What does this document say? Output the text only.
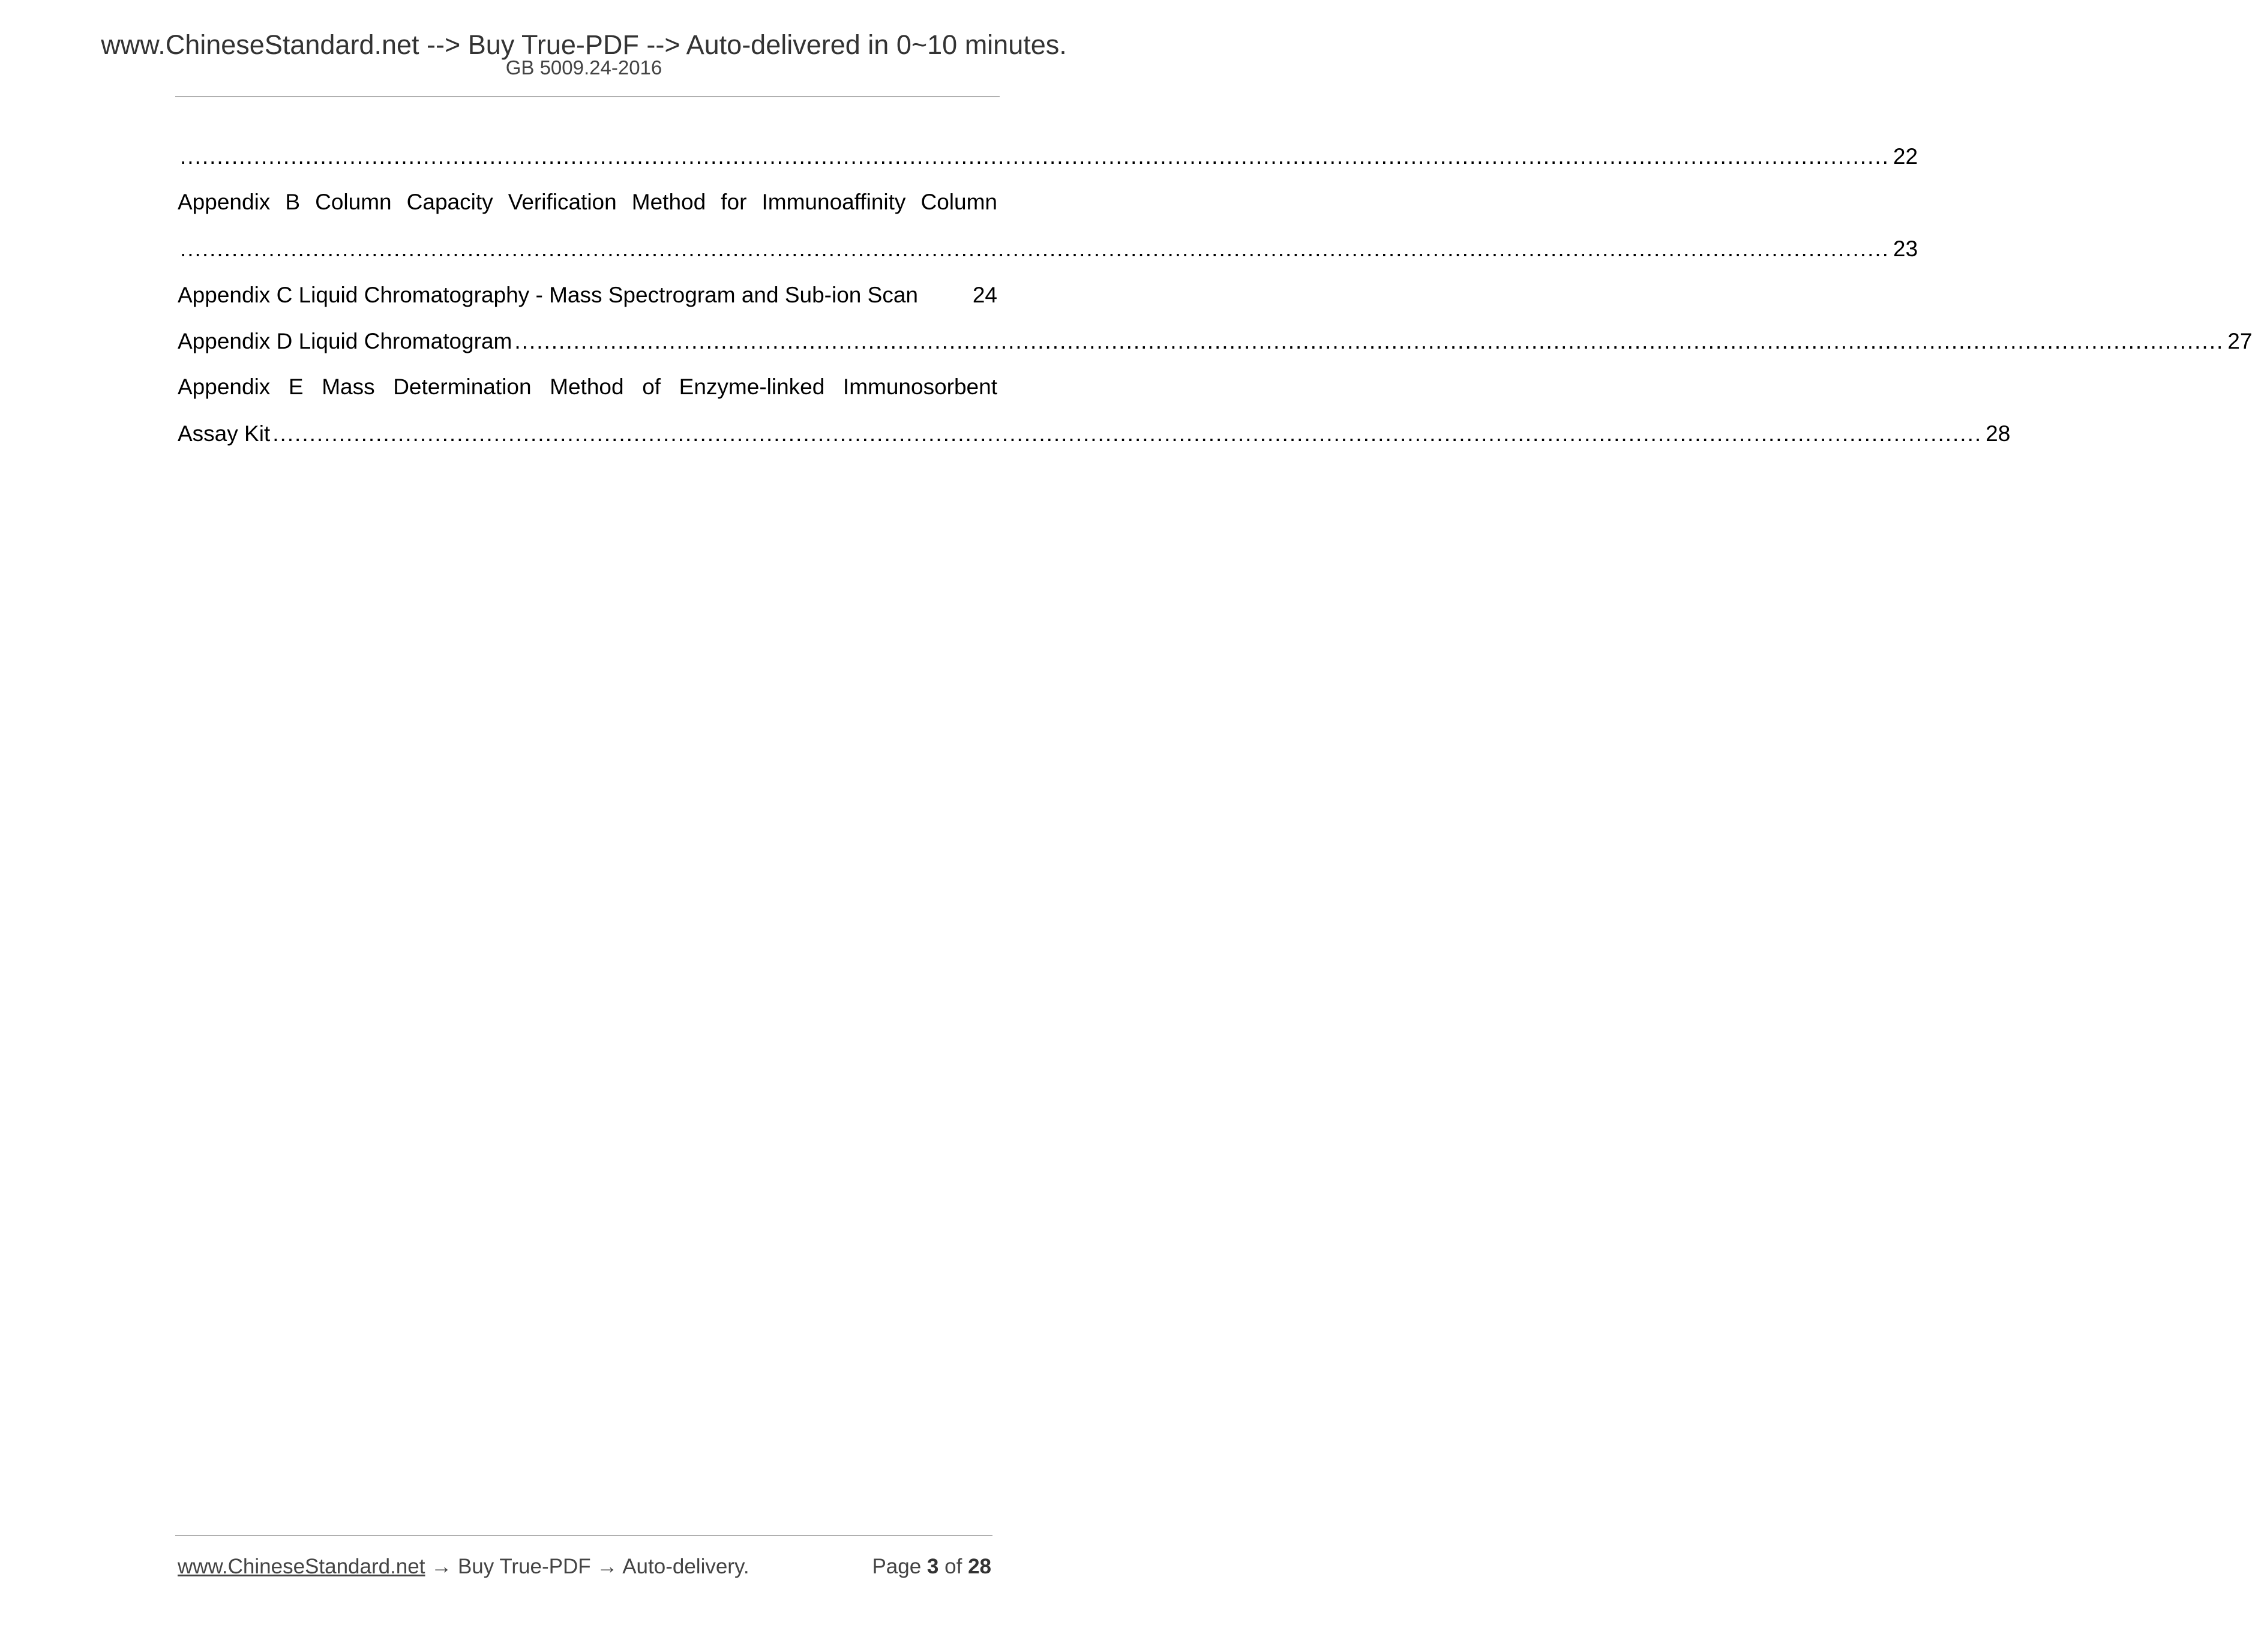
www.ChineseStandard.net --> Buy True-PDF --> Auto-delivered in 0~10 minutes.
GB 5009.24-2016
........................................................................................................................................................................................................................................ 22
Appendix B Column Capacity Verification Method for Immunoaffinity Column
........................................................................................................................................................................................................................................ 23
Appendix C Liquid Chromatography - Mass Spectrogram and Sub-ion Scan 24
Appendix D Liquid Chromatogram ........................................................................................................................................................................................................................................ 27
Appendix E Mass Determination Method of Enzyme-linked Immunosorbent
Assay Kit ........................................................................................................................................................................................................................................ 28
www.ChineseStandard.net → Buy True-PDF → Auto-delivery.	Page 3 of 28
